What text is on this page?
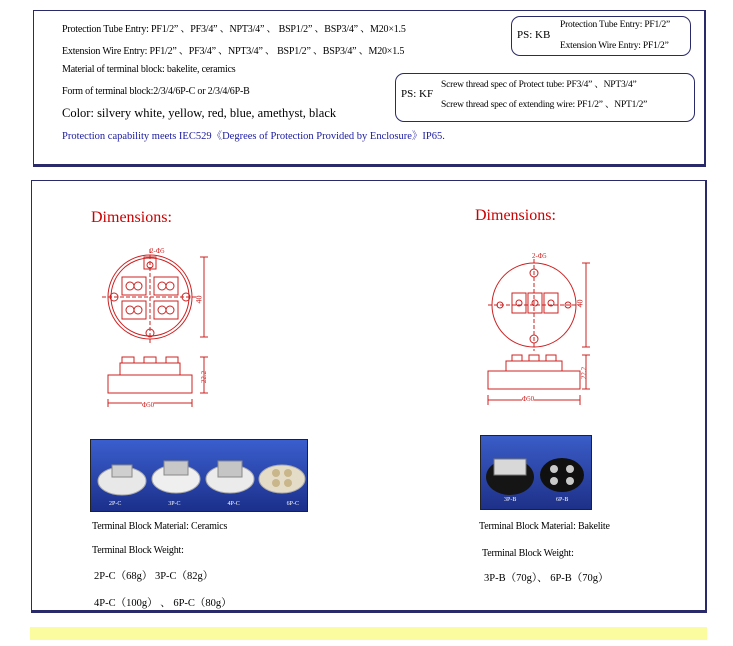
Protection Tube Entry: PF1/2” 、PF3/4” 、NPT3/4” 、 BSP1/2” 、BSP3/4” 、M20×1.5
Extension Wire Entry: PF1/2” 、PF3/4” 、NPT3/4” 、 BSP1/2” 、BSP3/4” 、M20×1.5
Material of terminal block: bakelite, ceramics
Form of terminal block:2/3/4/6P-C or 2/3/4/6P-B
Color: silvery white, yellow, red, blue, amethyst, black
Protection capability meets IEC529《Degrees of Protection Provided by Enclosure》IP65.
PS: KB
Protection Tube Entry: PF1/2”
Extension Wire Entry: PF1/2”
PS: KF
Screw thread spec of Protect tube: PF3/4” 、NPT3/4”
Screw thread spec of extending wire: PF1/2” 、NPT1/2”
Dimensions:
2-Φ5
40
22.2
Φ50
2P-C	3P-C	4P-C	6P-C
Terminal Block Material: Ceramics
Terminal Block Weight:
2P-C（68g） 3P-C（82g）
4P-C（100g） 、 6P-C（80g）
Dimensions:
2-Φ5
40
22.2
Φ50
3P-B	6P-B
Terminal Block Material: Bakelite
Terminal Block Weight:
3P-B（70g）、 6P-B（70g）
